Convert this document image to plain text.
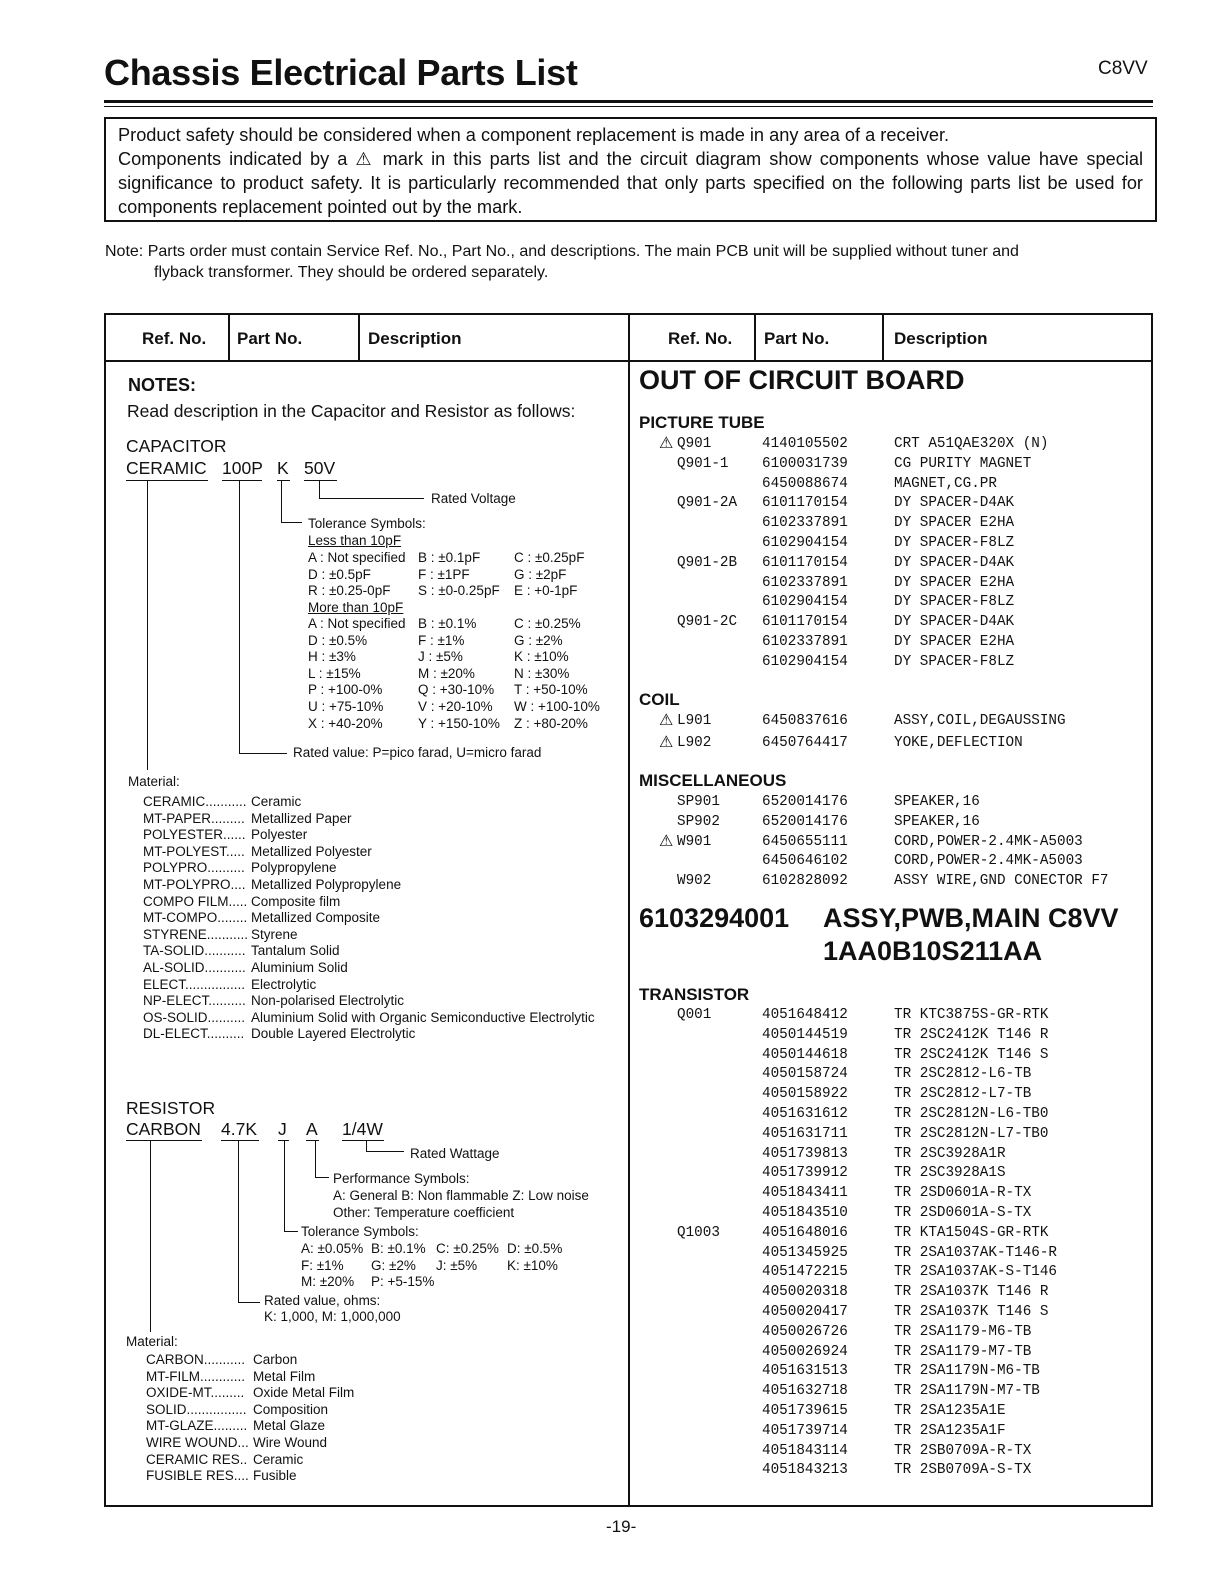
Chassis Electrical Parts List	C8VV

Product safety should be considered when a component replacement is made in any area of a receiver.

Components indicated by a ⚠ mark in this parts list and the circuit diagram show components whose value have special significance to product safety. It is particularly recommended that only parts specified on the following parts list be used for components replacement pointed out by the mark.

Note: Parts order must contain Service Ref. No., Part No., and descriptions. The main PCB unit will be supplied without tuner and
flyback transformer. They should be ordered separately.
Ref. No. Part No.	Description	Ref. No. Part No.	Description
NOTES:
Read description in the Capacitor and Resistor as follows:
CAPACITOR
CERAMIC 100P K 50V
Rated Voltage
Tolerance Symbols:
Less than 10pF
A : Not specified B : ±0.1pF	C : ±0.25pF
D : ±0.5pF	F : ±1PF	G : ±2pF
R : ±0.25-0pF S : ±0-0.25pF E : +0-1pF
More than 10pF
A : Not specified B : ±0.1%	C : ±0.25%
D : ±0.5%	F : ±1%	G : ±2%
H : ±3%	J : ±5%	K : ±10%
L : ±15%	M : ±20%	N : ±30%
P : +100-0%	Q : +30-10% T : +50-10%
U : +75-10%	V : +20-10% W : +100-10%
X : +40-20%	Y : +150-10% Z : +80-20%
Rated value: P=pico farad, U=micro farad
Material:
CERAMIC........... Ceramic
MT-PAPER......... Metallized Paper
POLYESTER...... Polyester
MT-POLYEST..... Metallized Polyester
POLYPRO.......... Polypropylene
MT-POLYPRO.... Metallized Polypropylene
COMPO FILM..... Composite film
MT-COMPO........ Metallized Composite
STYRENE........... Styrene
TA-SOLID........... Tantalum Solid
AL-SOLID........... Aluminium Solid
ELECT................ Electrolytic
NP-ELECT.......... Non-polarised Electrolytic
OS-SOLID.......... Aluminium Solid with Organic Semiconductive Electrolytic
DL-ELECT.......... Double Layered Electrolytic
RESISTOR
CARBON 4.7K J A 1/4W
Rated Wattage
Performance Symbols:
A: General B: Non flammable Z: Low noise
Other: Temperature coefficient
Tolerance Symbols:
A: ±0.05% B: ±0.1% C: ±0.25% D: ±0.5%
F: ±1% G: ±2% J: ±5% K: ±10%
M: ±20% P: +5-15%
Rated value, ohms:
K: 1,000, M: 1,000,000
Material:
CARBON........... Carbon
MT-FILM............ Metal Film
OXIDE-MT......... Oxide Metal Film
SOLID................ Composition
MT-GLAZE......... Metal Glaze
WIRE WOUND... Wire Wound
CERAMIC RES.. Ceramic
FUSIBLE RES.... Fusible
OUT OF CIRCUIT BOARD
PICTURE TUBE
⚠ Q901	4140105502	CRT A51QAE320X (N)
Q901-1 6100031739	CG PURITY MAGNET
6450088674	MAGNET,CG.PR
Q901-2A 6101170154	DY SPACER-D4AK
6102337891	DY SPACER E2HA
6102904154	DY SPACER-F8LZ
Q901-2B 6101170154	DY SPACER-D4AK
6102337891	DY SPACER E2HA
6102904154	DY SPACER-F8LZ
Q901-2C 6101170154	DY SPACER-D4AK
6102337891	DY SPACER E2HA
6102904154	DY SPACER-F8LZ
COIL
⚠ L901	6450837616	ASSY,COIL,DEGAUSSING
⚠ L902	6450764417	YOKE,DEFLECTION
MISCELLANEOUS
SP901	6520014176	SPEAKER,16
SP902	6520014176	SPEAKER,16
⚠ W901	6450655111	CORD,POWER-2.4MK-A5003
6450646102	CORD,POWER-2.4MK-A5003
W902	6102828092	ASSY WIRE,GND CONECTOR F7
6103294001 ASSY,PWB,MAIN C8VV
1AA0B10S211AA
TRANSISTOR
Q001	4051648412	TR KTC3875S-GR-RTK
4050144519	TR 2SC2412K T146 R
4050144618	TR 2SC2412K T146 S
4050158724	TR 2SC2812-L6-TB
4050158922	TR 2SC2812-L7-TB
4051631612	TR 2SC2812N-L6-TB0
4051631711	TR 2SC2812N-L7-TB0
4051739813	TR 2SC3928A1R
4051739912	TR 2SC3928A1S
4051843411	TR 2SD0601A-R-TX
4051843510	TR 2SD0601A-S-TX
Q1003	4051648016	TR KTA1504S-GR-RTK
4051345925	TR 2SA1037AK-T146-R
4051472215	TR 2SA1037AK-S-T146
4050020318	TR 2SA1037K T146 R
4050020417	TR 2SA1037K T146 S
4050026726	TR 2SA1179-M6-TB
4050026924	TR 2SA1179-M7-TB
4051631513	TR 2SA1179N-M6-TB
4051632718	TR 2SA1179N-M7-TB
4051739615	TR 2SA1235A1E
4051739714	TR 2SA1235A1F
4051843114	TR 2SB0709A-R-TX
4051843213	TR 2SB0709A-S-TX
-19-
